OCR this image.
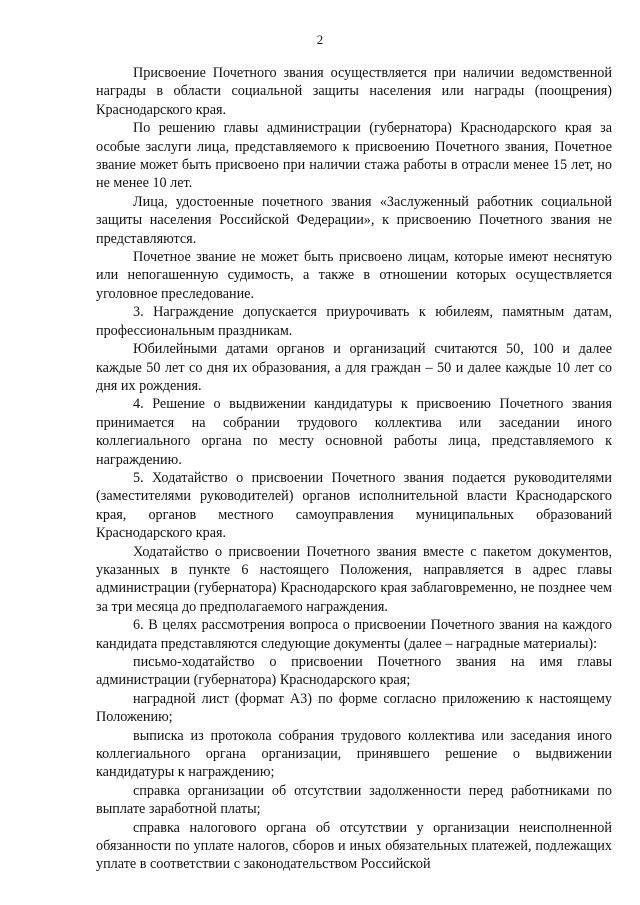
2

Присвоение Почетного звания осуществляется при наличии ведомственной награды в области социальной защиты населения или награды (поощрения) Краснодарского края.

По решению главы администрации (губернатора) Краснодарского края за особые заслуги лица, представляемого к присвоению Почетного звания, Почетное звание может быть присвоено при наличии стажа работы в отрасли менее 15 лет, но не менее 10 лет.

Лица, удостоенные почетного звания «Заслуженный работник социальной защиты населения Российской Федерации», к присвоению Почетного звания не представляются.

Почетное звание не может быть присвоено лицам, которые имеют неснятую или непогашенную судимость, а также в отношении которых осуществляется уголовное преследование.

3. Награждение допускается приурочивать к юбилеям, памятным датам, профессиональным праздникам.

Юбилейными датами органов и организаций считаются 50, 100 и далее каждые 50 лет со дня их образования, а для граждан – 50 и далее каждые 10 лет со дня их рождения.

4. Решение о выдвижении кандидатуры к присвоению Почетного звания принимается на собрании трудового коллектива или заседании иного коллегиального органа по месту основной работы лица, представляемого к награждению.

5. Ходатайство о присвоении Почетного звания подается руководителями (заместителями руководителей) органов исполнительной власти Краснодарского края, органов местного самоуправления муниципальных образований Краснодарского края.

Ходатайство о присвоении Почетного звания вместе с пакетом документов, указанных в пункте 6 настоящего Положения, направляется в адрес главы администрации (губернатора) Краснодарского края заблаговременно, не позднее чем за три месяца до предполагаемого награждения.

6. В целях рассмотрения вопроса о присвоении Почетного звания на каждого кандидата представляются следующие документы (далее – наградные материалы):

письмо-ходатайство о присвоении Почетного звания на имя главы администрации (губернатора) Краснодарского края;

наградной лист (формат А3) по форме согласно приложению к настоящему Положению;

выписка из протокола собрания трудового коллектива или заседания иного коллегиального органа организации, принявшего решение о выдвижении кандидатуры к награждению;

справка организации об отсутствии задолженности перед работниками по выплате заработной платы;

справка налогового органа об отсутствии у организации неисполненной обязанности по уплате налогов, сборов и иных обязательных платежей, подлежащих уплате в соответствии с законодательством Российской
